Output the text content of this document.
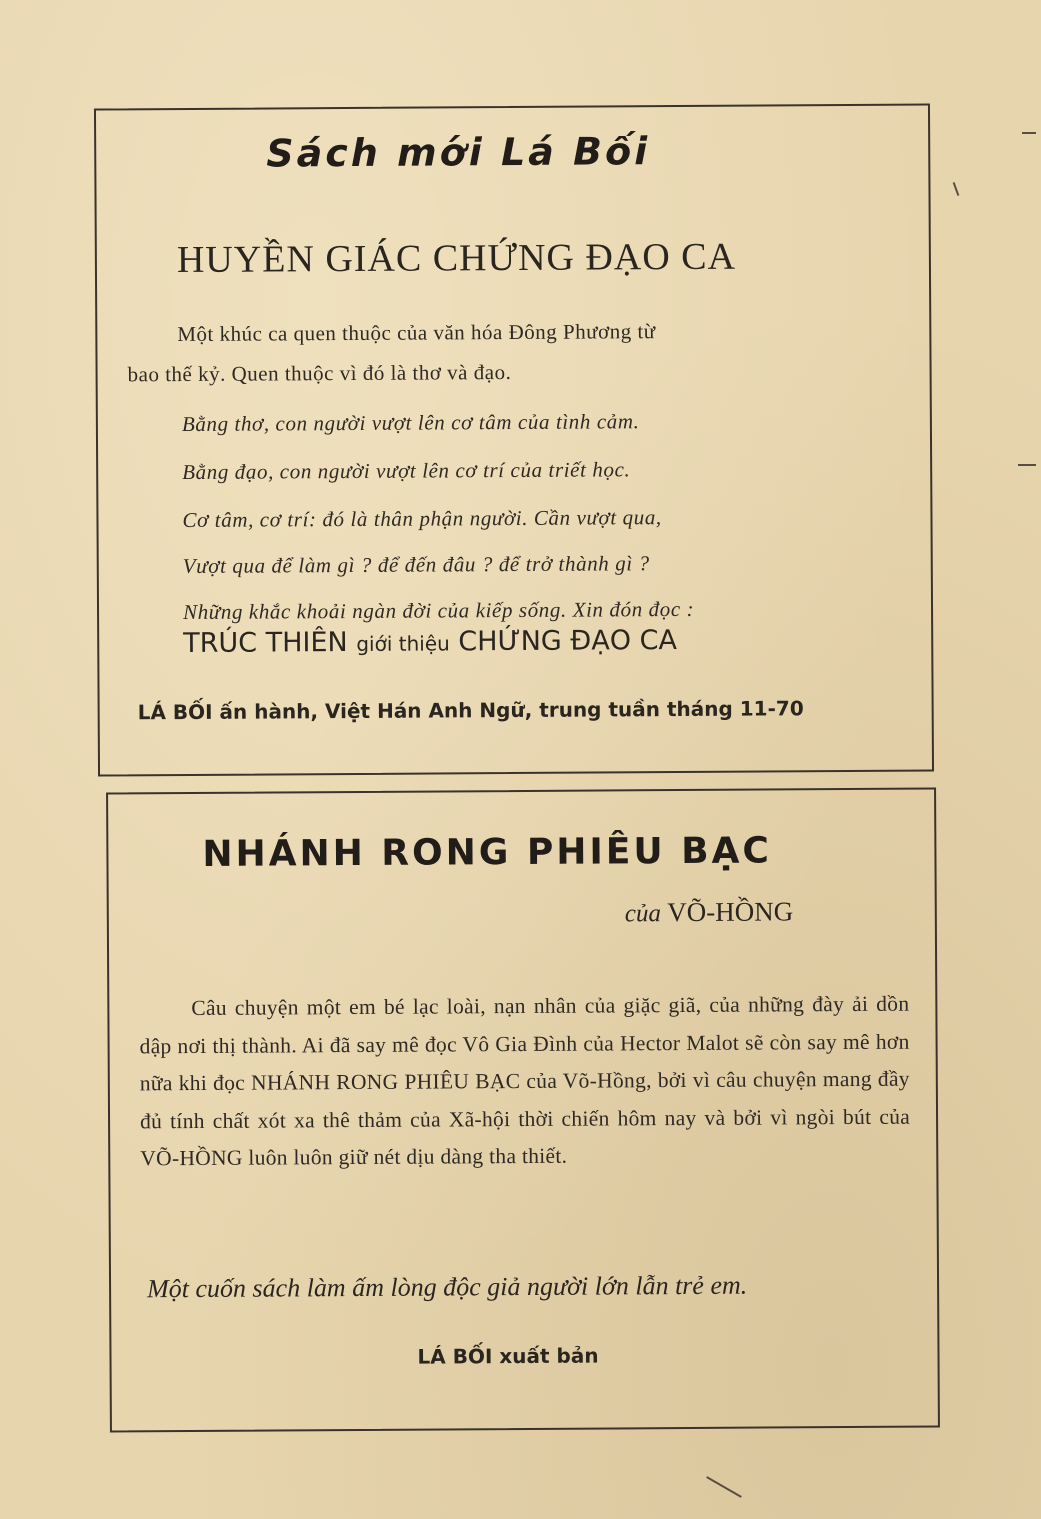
Sách mới Lá Bối
HUYỀN GIÁC CHỨNG ĐẠO CA
Một khúc ca quen thuộc của văn hóa Đông Phương từ
bao thế kỷ. Quen thuộc vì đó là thơ và đạo.
Bằng thơ, con người vượt lên cơ tâm của tình cảm.
Bằng đạo, con người vượt lên cơ trí của triết học.
Cơ tâm, cơ trí: đó là thân phận người. Cần vượt qua,
Vượt qua để làm gì ? để đến đâu ? để trở thành gì ?
Những khắc khoải ngàn đời của kiếp sống. Xin đón đọc :
TRÚC THIÊN giới thiệu CHỨNG ĐẠO CA
LÁ BỐI ấn hành, Việt Hán Anh Ngữ, trung tuần tháng 11-70
NHÁNH RONG PHIÊU BẠC
của VÕ-HỒNG
Câu chuyện một em bé lạc loài, nạn nhân của giặc giã, của những đày ải dồn dập nơi thị thành. Ai đã say mê đọc Vô Gia Đình của Hector Malot sẽ còn say mê hơn nữa khi đọc NHÁNH RONG PHIÊU BẠC của Võ-Hồng, bởi vì câu chuyện mang đầy đủ tính chất xót xa thê thảm của Xã-hội thời chiến hôm nay và bởi vì ngòi bút của VÕ-HỒNG luôn luôn giữ nét dịu dàng tha thiết.
Một cuốn sách làm ấm lòng độc giả người lớn lẫn trẻ em.
LÁ BỐI xuất bản
